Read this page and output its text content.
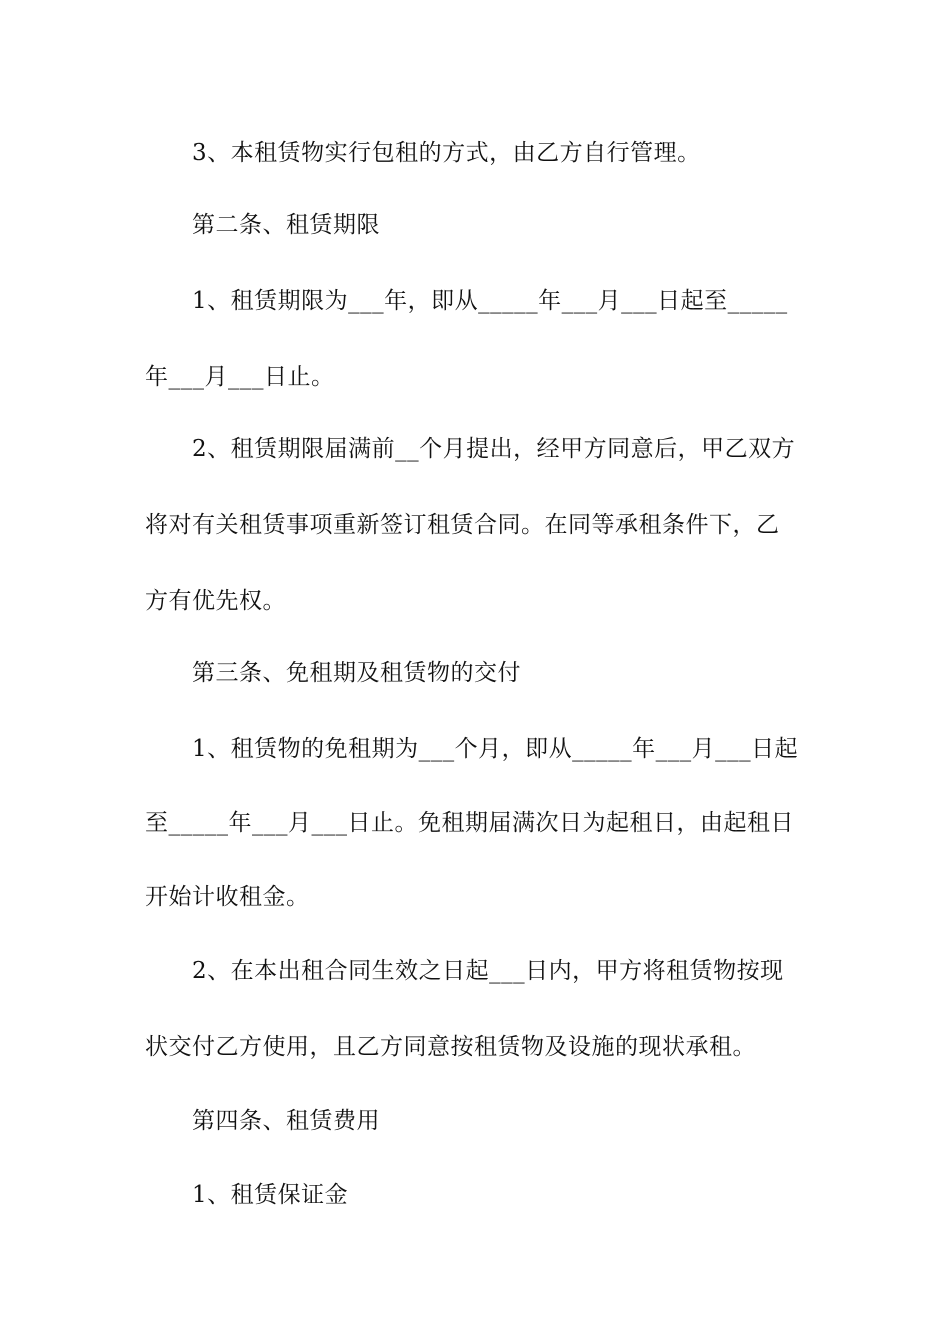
3、本租赁物实行包租的方式，由乙方自行管理。
第二条、租赁期限
1、租赁期限为___年，即从_____年___月___日起至_____
年___月___日止。
2、租赁期限届满前__个月提出，经甲方同意后，甲乙双方
将对有关租赁事项重新签订租赁合同。在同等承租条件下，乙
方有优先权。
第三条、免租期及租赁物的交付
1、租赁物的免租期为___个月，即从_____年___月___日起
至_____年___月___日止。免租期届满次日为起租日，由起租日
开始计收租金。
2、在本出租合同生效之日起___日内，甲方将租赁物按现
状交付乙方使用，且乙方同意按租赁物及设施的现状承租。
第四条、租赁费用
1、租赁保证金
